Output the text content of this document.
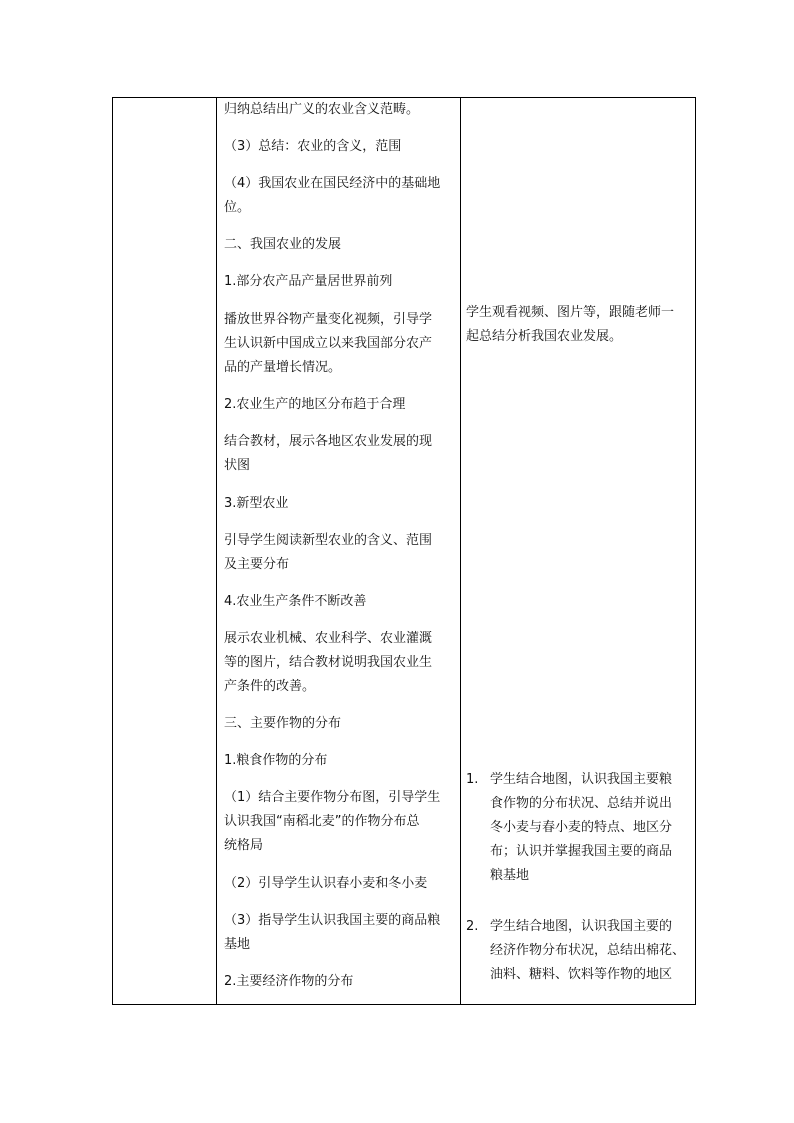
归纳总结出广义的农业含义范畴。
（3）总结：农业的含义，范围
（4）我国农业在国民经济中的基础地
位。
二、我国农业的发展
1.部分农产品产量居世界前列
播放世界谷物产量变化视频，引导学
生认识新中国成立以来我国部分农产
品的产量增长情况。
2.农业生产的地区分布趋于合理
结合教材，展示各地区农业发展的现
状图
3.新型农业
引导学生阅读新型农业的含义、范围
及主要分布
4.农业生产条件不断改善
展示农业机械、农业科学、农业灌溉
等的图片，结合教材说明我国农业生
产条件的改善。
三、主要作物的分布
1.粮食作物的分布
（1）结合主要作物分布图，引导学生
认识我国“南稻北麦”的作物分布总
统格局
（2）引导学生认识春小麦和冬小麦
（3）指导学生认识我国主要的商品粮
基地
2.主要经济作物的分布
学生观看视频、图片等，跟随老师一
起总结分析我国农业发展。
1. 学生结合地图，认识我国主要粮
食作物的分布状况、总结并说出
冬小麦与春小麦的特点、地区分
布；认识并掌握我国主要的商品
粮基地
2. 学生结合地图，认识我国主要的
经济作物分布状况，总结出棉花、
油料、糖料、饮料等作物的地区
